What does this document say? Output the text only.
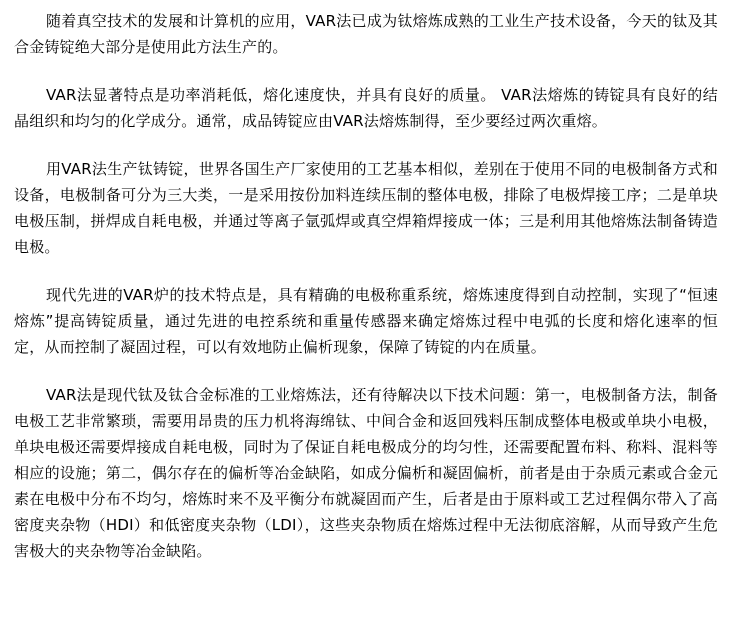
随着真空技术的发展和计算机的应用，VAR法已成为钛熔炼成熟的工业生产技术设备，今天的钛及其合金铸锭绝大部分是使用此方法生产的。

VAR法显著特点是功率消耗低，熔化速度快，并具有良好的质量。 VAR法熔炼的铸锭具有良好的结晶组织和均匀的化学成分。通常，成品铸锭应由VAR法熔炼制得，至少要经过两次重熔。

用VAR法生产钛铸锭，世界各国生产厂家使用的工艺基本相似，差别在于使用不同的电极制备方式和设备，电极制备可分为三大类，一是采用按份加料连续压制的整体电极，排除了电极焊接工序；二是单块电极压制，拼焊成自耗电极，并通过等离子氩弧焊或真空焊箱焊接成一体；三是利用其他熔炼法制备铸造电极。

现代先进的VAR炉的技术特点是，具有精确的电极称重系统，熔炼速度得到自动控制，实现了“恒速熔炼”提高铸锭质量，通过先进的电控系统和重量传感器来确定熔炼过程中电弧的长度和熔化速率的恒定，从而控制了凝固过程，可以有效地防止偏析现象，保障了铸锭的内在质量。

VAR法是现代钛及钛合金标准的工业熔炼法，还有待解决以下技术问题：第一，电极制备方法，制备电极工艺非常繁琐，需要用昂贵的压力机将海绵钛、中间合金和返回残料压制成整体电极或单块小电极，单块电极还需要焊接成自耗电极，同时为了保证自耗电极成分的均匀性，还需要配置布料、称料、混料等相应的设施；第二，偶尔存在的偏析等冶金缺陷，如成分偏析和凝固偏析，前者是由于杂质元素或合金元素在电极中分布不均匀，熔炼时来不及平衡分布就凝固而产生，后者是由于原料或工艺过程偶尔带入了高密度夹杂物（HDI）和低密度夹杂物（LDI），这些夹杂物质在熔炼过程中无法彻底溶解，从而导致产生危害极大的夹杂物等冶金缺陷。
